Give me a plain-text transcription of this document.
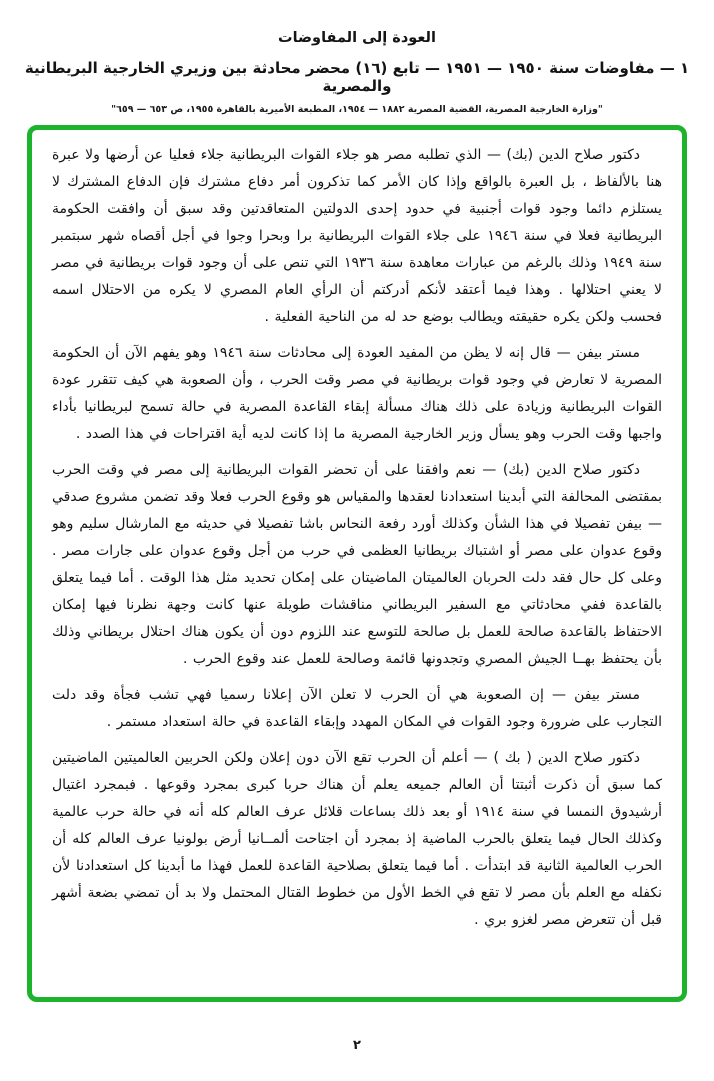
العودة إلى المفاوضات
١ — مفاوضات سنة ١٩٥٠ — ١٩٥١ — تابع (١٦) محضر محادثة بين وزيري الخارجية البريطانية والمصرية
"وزارة الخارجية المصرية، القضية المصرية ١٨٨٢ — ١٩٥٤، المطبعة الأميرية بالقاهرة ١٩٥٥، ص ٦٥٣ — ٦٥٩"

دكتور صلاح الدين (بك) — الذي تطلبه مصر هو جلاء القوات البريطانية جلاء فعليا عن أرضها ولا عبرة هنا بالألفاظ ، بل العبرة بالواقع وإذا كان الأمر كما تذكرون أمر دفاع مشترك فإن الدفاع المشترك لا يستلزم دائما وجود قوات أجنبية في حدود إحدى الدولتين المتعاقدتين وقد سبق أن وافقت الحكومة البريطانية فعلا في سنة ١٩٤٦ على جلاء القوات البريطانية برا وبحرا وجوا في أجل أقصاه شهر سبتمبر سنة ١٩٤٩ وذلك بالرغم من عبارات معاهدة سنة ١٩٣٦ التي تنص على أن وجود قوات بريطانية في مصر لا يعني احتلالها . وهذا فيما أعتقد لأنكم أدركتم أن الرأي العام المصري لا يكره من الاحتلال اسمه فحسب ولكن يكره حقيقته ويطالب بوضع حد له من الناحية الفعلية .

مستر بيفن — قال إنه لا يظن من المفيد العودة إلى محادثات سنة ١٩٤٦ وهو يفهم الآن أن الحكومة المصرية لا تعارض في وجود قوات بريطانية في مصر وقت الحرب ، وأن الصعوبة هي كيف تتقرر عودة القوات البريطانية وزيادة على ذلك هناك مسألة إبقاء القاعدة المصرية في حالة تسمح لبريطانيا بأداء واجبها وقت الحرب وهو يسأل وزير الخارجية المصرية ما إذا كانت لديه أية اقتراحات في هذا الصدد .

دكتور صلاح الدين (بك) — نعم وافقنا على أن تحضر القوات البريطانية إلى مصر في وقت الحرب بمقتضى المحالفة التي أبدينا استعدادنا لعقدها والمقياس هو وقوع الحرب فعلا وقد تضمن مشروع صدقي — بيفن تفصيلا في هذا الشأن وكذلك أورد رفعة النحاس باشا تفصيلا في حديثه مع المارشال سليم وهو وقوع عدوان على مصر أو اشتباك بريطانيا العظمى في حرب من أجل وقوع عدوان على جارات مصر . وعلى كل حال فقد دلت الحربان العالميتان الماضيتان على إمكان تحديد مثل هذا الوقت . أما فيما يتعلق بالقاعدة ففي محادثاتي مع السفير البريطاني مناقشات طويلة عنها كانت وجهة نظرنا فيها إمكان الاحتفاظ بالقاعدة صالحة للعمل بل صالحة للتوسع عند اللزوم دون أن يكون هناك احتلال بريطاني وذلك بأن يحتفظ بهــا الجيش المصري وتجدونها قائمة وصالحة للعمل عند وقوع الحرب .

مستر بيفن — إن الصعوبة هي أن الحرب لا تعلن الآن إعلانا رسميا فهي تشب فجأة وقد دلت التجارب على ضرورة وجود القوات في المكان المهدد وإبقاء القاعدة في حالة استعداد مستمر .

دكتور صلاح الدين ( بك ) — أعلم أن الحرب تقع الآن دون إعلان ولكن الحربين العالميتين الماضيتين كما سبق أن ذكرت أثبتتا أن العالم جميعه يعلم أن هناك حربا كبرى بمجرد وقوعها . فبمجرد اغتيال أرشيدوق النمسا في سنة ١٩١٤ أو بعد ذلك بساعات قلائل عرف العالم كله أنه في حالة حرب عالمية وكذلك الحال فيما يتعلق بالحرب الماضية إذ بمجرد أن اجتاحت ألمــانيا أرض بولونيا عرف العالم كله أن الحرب العالمية الثانية قد ابتدأت . أما فيما يتعلق بصلاحية القاعدة للعمل فهذا ما أبدينا كل استعدادنا لأن نكفله مع العلم بأن مصر لا تقع في الخط الأول من خطوط القتال المحتمل ولا بد أن تمضي بضعة أشهر قبل أن تتعرض مصر لغزو بري .

٢
